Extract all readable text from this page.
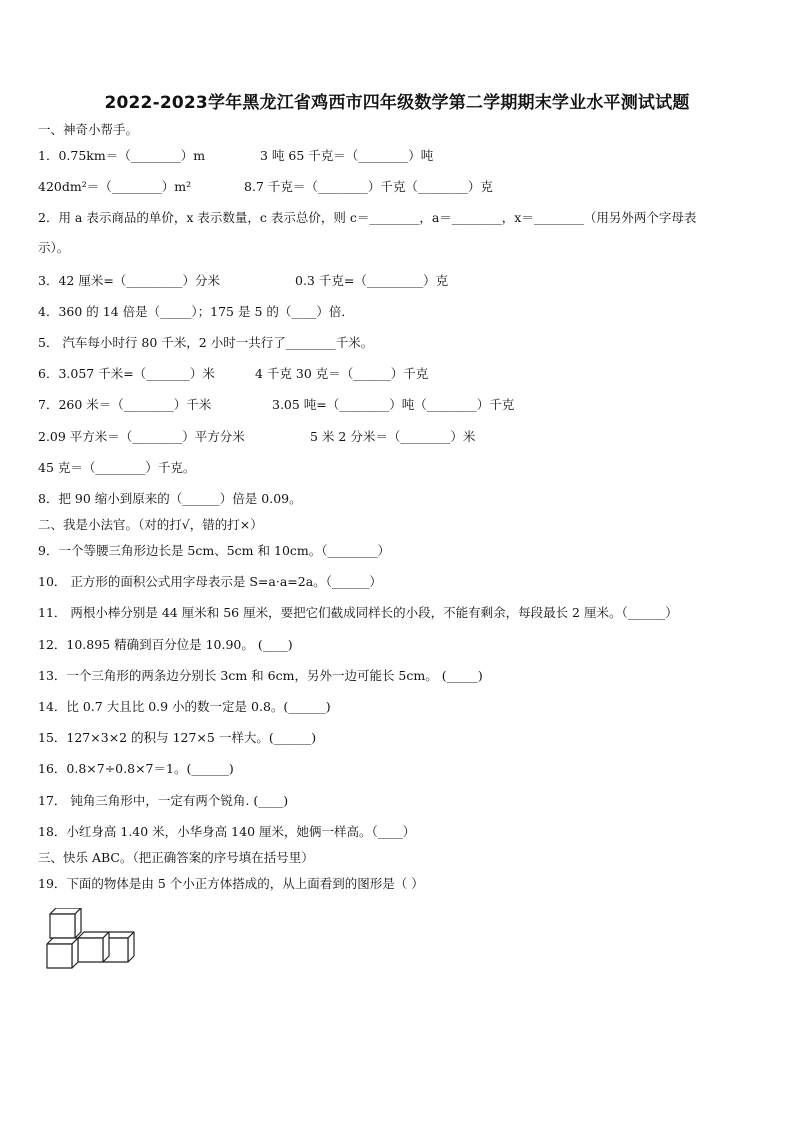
2022-2023学年黑龙江省鸡西市四年级数学第二学期期末学业水平测试试题
一、神奇小帮手。
1．0.75km＝（________）m	3 吨 65 千克＝（________）吨
420dm²＝（________）m²	8.7 千克＝（________）千克（________）克
2．用 a 表示商品的单价，x 表示数量，c 表示总价，则 c＝________，a＝________，x＝________（用另外两个字母表
示）。
3．42 厘米=（_________）分米	0.3 千克=（_________）克
4．360 的 14 倍是（_____）；175 是 5 的（____）倍．
5． 汽车每小时行 80 千米，2 小时一共行了________千米。
6．3.057 千米=（_______）米	4 千克 30 克＝（______）千克
7．260 米＝（________）千米	3.05 吨=（________）吨（________）千克
2.09 平方米＝（________）平方分米	5 米 2 分米＝（________）米
45 克＝（________）千克。
8．把 90 缩小到原来的（______）倍是 0.09。
二、我是小法官。（对的打√，错的打×）
9．一个等腰三角形边长是 5cm、5cm 和 10cm。（________）
10． 正方形的面积公式用字母表示是 S=a·a=2a。（______）
11． 两根小棒分别是 44 厘米和 56 厘米，要把它们截成同样长的小段，不能有剩余，每段最长 2 厘米。（______）
12．10.895 精确到百分位是 10.90。 (____)
13．一个三角形的两条边分别长 3cm 和 6cm，另外一边可能长 5cm。 (_____)
14．比 0.7 大且比 0.9 小的数一定是 0.8。(______)
15．127×3×2 的积与 127×5 一样大。(______)
16．0.8×7÷0.8×7＝1。(______)
17． 钝角三角形中，一定有两个锐角. (____)
18．小红身高 1.40 米，小华身高 140 厘米，她俩一样高。（____）
三、快乐 ABC。（把正确答案的序号填在括号里）
19．下面的物体是由 5 个小正方体搭成的，从上面看到的图形是（ ）
